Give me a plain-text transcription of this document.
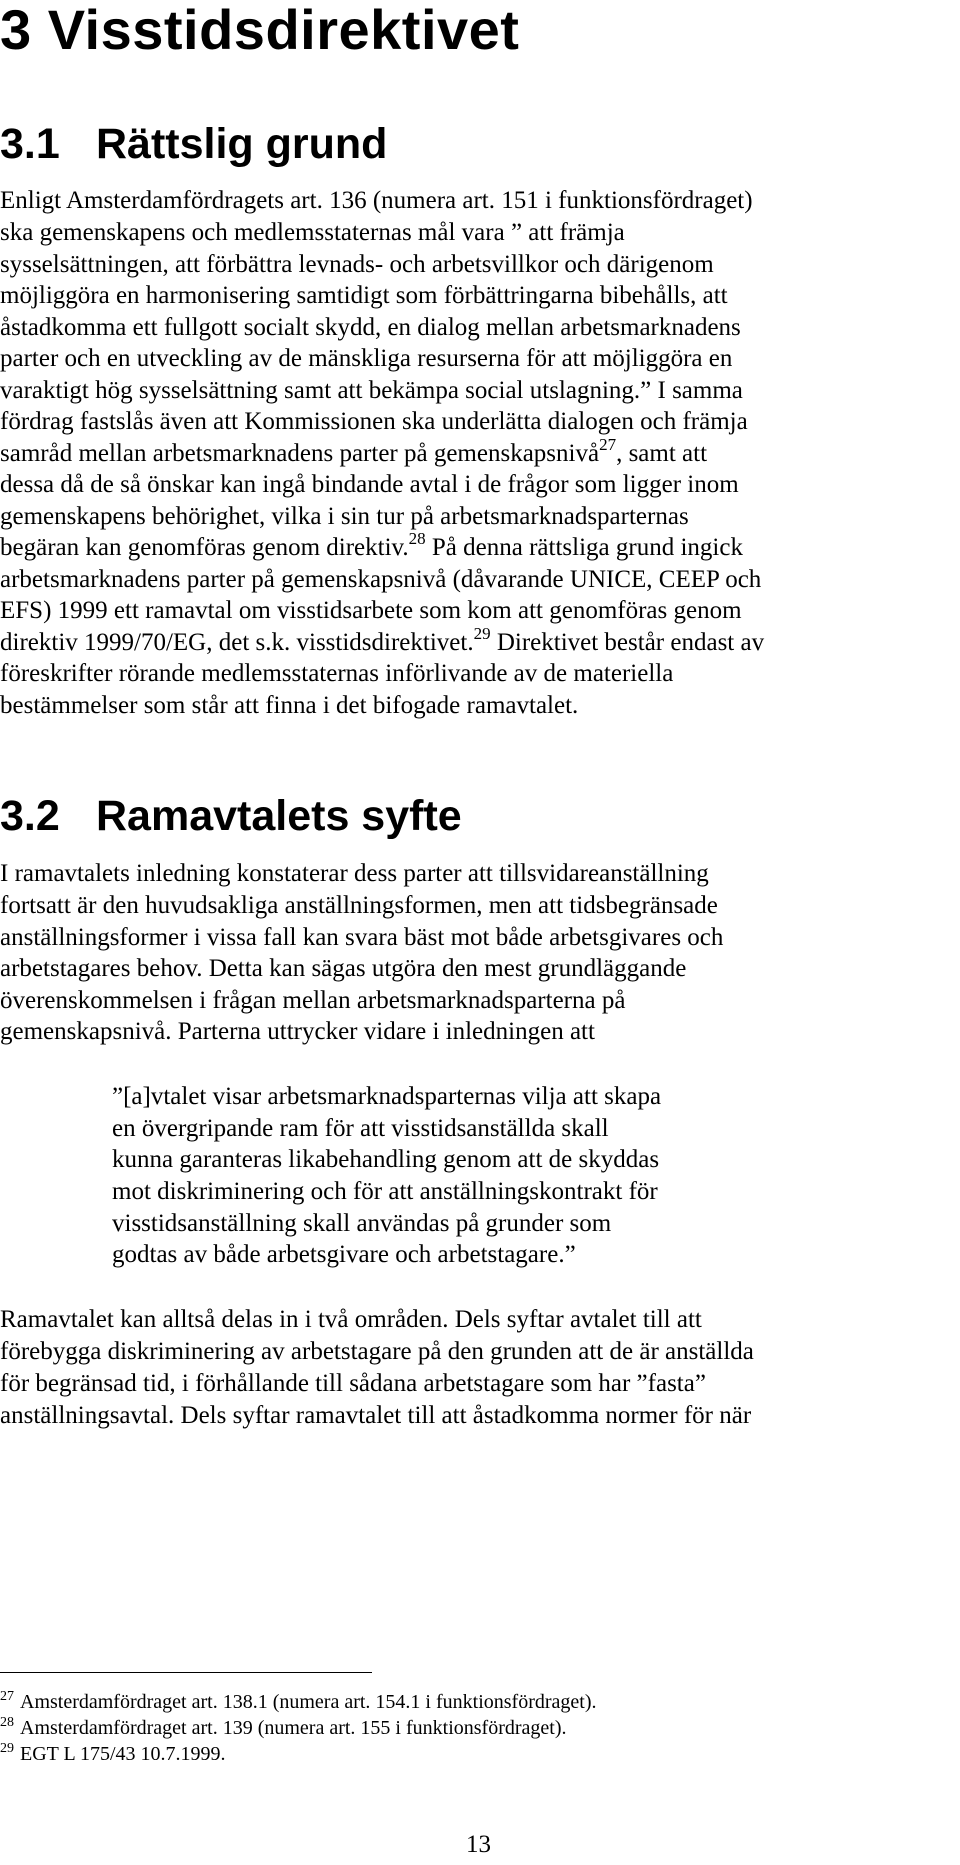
3 Visstidsdirektivet
3.1 Rättslig grund

Enligt Amsterdamfördragets art. 136 (numera art. 151 i funktionsfördraget)

ska gemenskapens och medlemsstaternas mål vara ” att främja

sysselsättningen, att förbättra levnads- och arbetsvillkor och därigenom

möjliggöra en harmonisering samtidigt som förbättringarna bibehålls, att

åstadkomma ett fullgott socialt skydd, en dialog mellan arbetsmarknadens

parter och en utveckling av de mänskliga resurserna för att möjliggöra en

varaktigt hög sysselsättning samt att bekämpa social utslagning.” I samma

fördrag fastslås även att Kommissionen ska underlätta dialogen och främja

samråd mellan arbetsmarknadens parter på gemenskapsnivå$^{27}$, samt att

dessa då de så önskar kan ingå bindande avtal i de frågor som ligger inom

gemenskapens behörighet, vilka i sin tur på arbetsmarknadsparternas

begäran kan genomföras genom direktiv.$^{28}$ På denna rättsliga grund ingick

arbetsmarknadens parter på gemenskapsnivå (dåvarande UNICE, CEEP och

EFS) 1999 ett ramavtal om visstidsarbete som kom att genomföras genom

direktiv 1999/70/EG, det s.k. visstidsdirektivet.$^{29}$ Direktivet består endast av

föreskrifter rörande medlemsstaternas införlivande av de materiella

bestämmelser som står att finna i det bifogade ramavtalet.

3.2 Ramavtalets syfte

I ramavtalets inledning konstaterar dess parter att tillsvidareanställning

fortsatt är den huvudsakliga anställningsformen, men att tidsbegränsade

anställningsformer i vissa fall kan svara bäst mot både arbetsgivares och

arbetstagares behov. Detta kan sägas utgöra den mest grundläggande

överenskommelsen i frågan mellan arbetsmarknadsparterna på

gemenskapsnivå. Parterna uttrycker vidare i inledningen att

”[a]vtalet visar arbetsmarknadsparternas vilja att skapa

en övergripande ram för att visstidsanställda skall

kunna garanteras likabehandling genom att de skyddas

mot diskriminering och för att anställningskontrakt för

visstidsanställning skall användas på grunder som

godtas av både arbetsgivare och arbetstagare.”

Ramavtalet kan alltså delas in i två områden. Dels syftar avtalet till att

förebygga diskriminering av arbetstagare på den grunden att de är anställda

för begränsad tid, i förhållande till sådana arbetstagare som har ”fasta”

anställningsavtal. Dels syftar ramavtalet till att åstadkomma normer för när

$^{27}$ Amsterdamfördraget art. 138.1 (numera art. 154.1 i funktionsfördraget).

$^{28}$ Amsterdamfördraget art. 139 (numera art. 155 i funktionsfördraget).

$^{29}$ EGT L 175/43 10.7.1999.

13
